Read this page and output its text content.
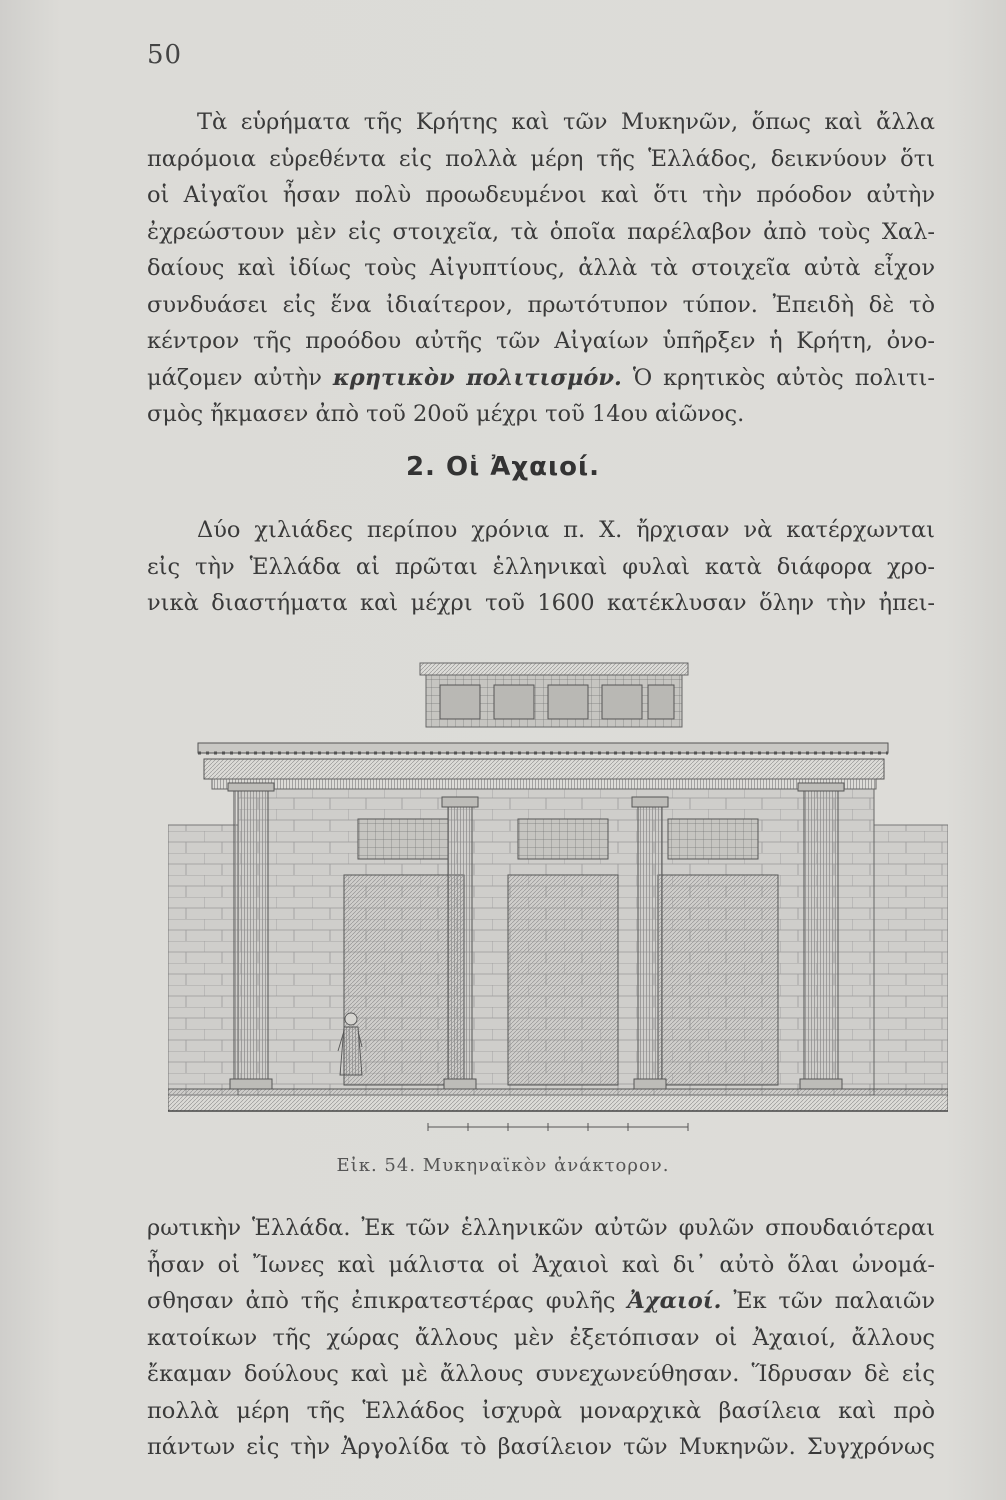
50
Τὰ εὑρήματα τῆς Κρήτης καὶ τῶν Μυκηνῶν, ὅπως καὶ ἄλλα
παρόμοια εὑρεθέντα εἰς πολλὰ μέρη τῆς Ἑλλάδος, δεικνύουν ὅτι
οἱ Αἰγαῖοι ἦσαν πολὺ προωδευμένοι καὶ ὅτι τὴν πρόοδον αὐτὴν
ἐχρεώστουν μὲν εἰς στοιχεῖα, τὰ ὁποῖα παρέλαβον ἀπὸ τοὺς Χαλ-
δαίους καὶ ἰδίως τοὺς Αἰγυπτίους, ἀλλὰ τὰ στοιχεῖα αὐτὰ εἶχον
συνδυάσει εἰς ἕνα ἰδιαίτερον, πρωτότυπον τύπον. Ἐπειδὴ δὲ τὸ
κέντρον τῆς προόδου αὐτῆς τῶν Αἰγαίων ὑπῆρξεν ἡ Κρήτη, ὀνο-
μάζομεν αὐτὴν κρητικὸν πολιτισμόν. Ὁ κρητικὸς αὐτὸς πολιτι-
σμὸς ἤκμασεν ἀπὸ τοῦ 20οῦ μέχρι τοῦ 14ου αἰῶνος.
2. Οἱ Ἀχαιοί.
Δύο χιλιάδες περίπου χρόνια π. Χ. ἤρχισαν νὰ κατέρχωνται
εἰς τὴν Ἑλλάδα αἱ πρῶται ἑλληνικαὶ φυλαὶ κατὰ διάφορα χρο-
νικὰ διαστήματα καὶ μέχρι τοῦ 1600 κατέκλυσαν ὅλην τὴν ἠπει-
Εἰκ. 54. Μυκηναϊκὸν ἀνάκτορον.
ρωτικὴν Ἑλλάδα. Ἐκ τῶν ἑλληνικῶν αὐτῶν φυλῶν σπουδαιότεραι
ἦσαν οἱ Ἴωνες καὶ μάλιστα οἱ Ἀχαιοὶ καὶ δι᾽ αὐτὸ ὅλαι ὠνομά-
σθησαν ἀπὸ τῆς ἐπικρατεστέρας φυλῆς Ἀχαιοί. Ἐκ τῶν παλαιῶν
κατοίκων τῆς χώρας ἄλλους μὲν ἐξετόπισαν οἱ Ἀχαιοί, ἄλλους
ἔκαμαν δούλους καὶ μὲ ἄλλους συνεχωνεύθησαν. Ἵδρυσαν δὲ εἰς
πολλὰ μέρη τῆς Ἑλλάδος ἰσχυρὰ μοναρχικὰ βασίλεια καὶ πρὸ
πάντων εἰς τὴν Ἀργολίδα τὸ βασίλειον τῶν Μυκηνῶν. Συγχρόνως
